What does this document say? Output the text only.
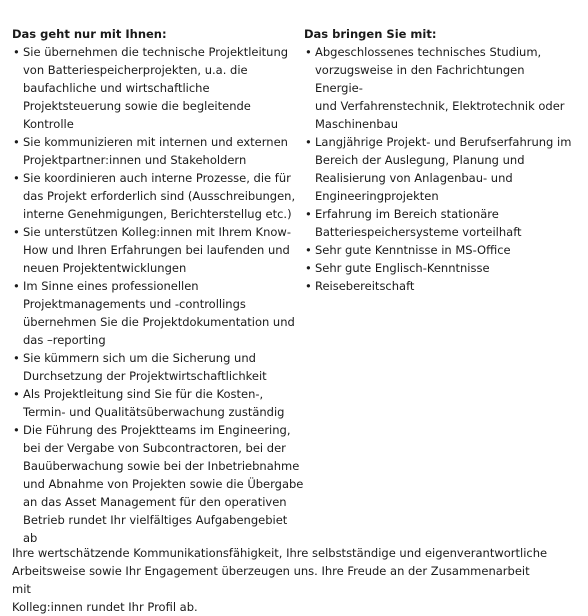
Das geht nur mit Ihnen:
• Sie übernehmen die technische Projektleitung
von Batteriespeicherprojekten, u.a. die
baufachliche und wirtschaftliche
Projektsteuerung sowie die begleitende
Kontrolle
• Sie kommunizieren mit internen und externen
Projektpartner:innen und Stakeholdern
• Sie koordinieren auch interne Prozesse, die für
das Projekt erforderlich sind (Ausschreibungen,
interne Genehmigungen, Berichterstellug etc.)
• Sie unterstützen Kolleg:innen mit Ihrem Know-
How und Ihren Erfahrungen bei laufenden und
neuen Projektentwicklungen
• Im Sinne eines professionellen
Projektmanagements und -controllings
übernehmen Sie die Projektdokumentation und
das –reporting
• Sie kümmern sich um die Sicherung und
Durchsetzung der Projektwirtschaftlichkeit
• Als Projektleitung sind Sie für die Kosten-,
Termin- und Qualitätsüberwachung zuständig
• Die Führung des Projektteams im Engineering,
bei der Vergabe von Subcontractoren, bei der
Bauüberwachung sowie bei der Inbetriebnahme
und Abnahme von Projekten sowie die Übergabe
an das Asset Management für den operativen
Betrieb rundet Ihr vielfältiges Aufgabengebiet ab
Das bringen Sie mit:
• Abgeschlossenes technisches Studium,
vorzugsweise in den Fachrichtungen Energie-
und Verfahrenstechnik, Elektrotechnik oder
Maschinenbau
• Langjährige Projekt- und Berufserfahrung im
Bereich der Auslegung, Planung und
Realisierung von Anlagenbau- und
Engineeringprojekten
• Erfahrung im Bereich stationäre
Batteriespeichersysteme vorteilhaft
• Sehr gute Kenntnisse in MS-Office
• Sehr gute Englisch-Kenntnisse
• Reisebereitschaft

Ihre wertschätzende Kommunikationsfähigkeit, Ihre selbstständige und eigenverantwortliche
Arbeitsweise sowie Ihr Engagement überzeugen uns. Ihre Freude an der Zusammenarbeit mit
Kolleg:innen rundet Ihr Profil ab.
